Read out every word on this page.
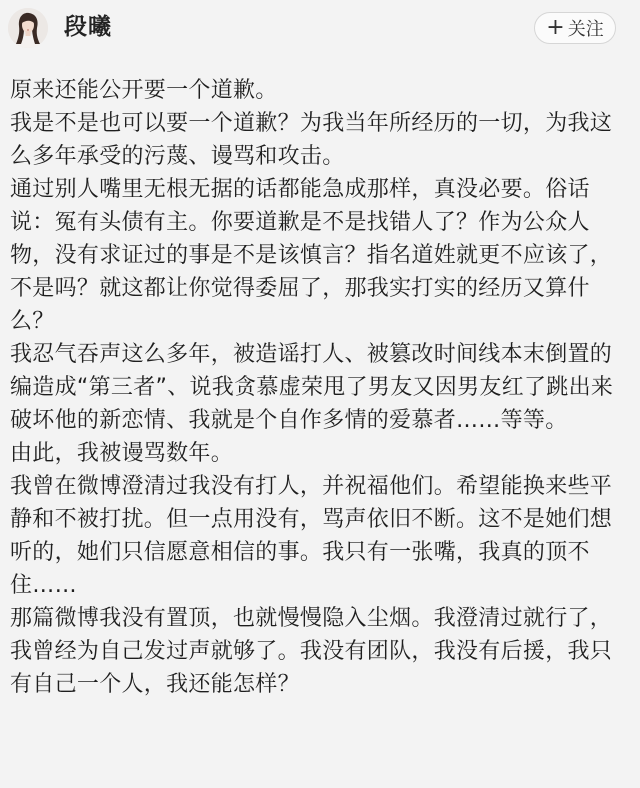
段曦	+ 关注

原来还能公开要一个道歉。

我是不是也可以要一个道歉？为我当年所经历的一切，为我这么多年承受的污蔑、谩骂和攻击。

通过别人嘴里无根无据的话都能急成那样，真没必要。俗话说：冤有头债有主。你要道歉是不是找错人了？作为公众人物，没有求证过的事是不是该慎言？指名道姓就更不应该了，不是吗？就这都让你觉得委屈了，那我实打实的经历又算什么？

我忍气吞声这么多年，被造谣打人、被篡改时间线本末倒置的编造成“第三者”、说我贪慕虚荣甩了男友又因男友红了跳出来破坏他的新恋情、我就是个自作多情的爱慕者……等等。

由此，我被谩骂数年。

我曾在微博澄清过我没有打人，并祝福他们。希望能换来些平静和不被打扰。但一点用没有，骂声依旧不断。这不是她们想听的，她们只信愿意相信的事。我只有一张嘴，我真的顶不住……

那篇微博我没有置顶，也就慢慢隐入尘烟。我澄清过就行了，我曾经为自己发过声就够了。我没有团队，我没有后援，我只有自己一个人，我还能怎样？
